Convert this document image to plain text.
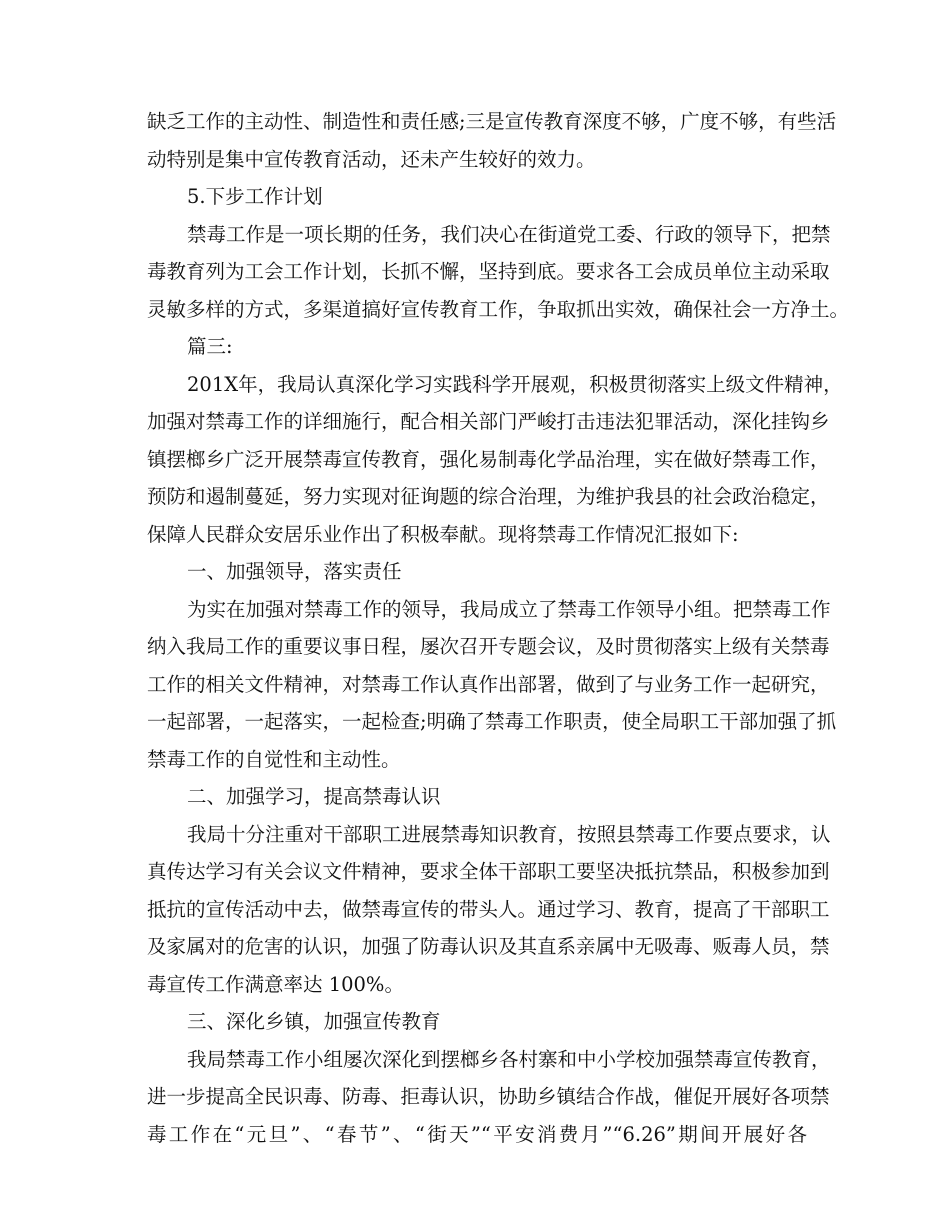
缺乏工作的主动性、制造性和责任感;三是宣传教育深度不够，广度不够，有些活
动特别是集中宣传教育活动，还未产生较好的效力。
5.下步工作计划
禁毒工作是一项长期的任务，我们决心在街道党工委、行政的领导下，把禁
毒教育列为工会工作计划，长抓不懈，坚持到底。要求各工会成员单位主动采取
灵敏多样的方式，多渠道搞好宣传教育工作，争取抓出实效，确保社会一方净土。
篇三:
201X年，我局认真深化学习实践科学开展观，积极贯彻落实上级文件精神，
加强对禁毒工作的详细施行，配合相关部门严峻打击违法犯罪活动，深化挂钩乡
镇摆榔乡广泛开展禁毒宣传教育，强化易制毒化学品治理，实在做好禁毒工作，
预防和遏制蔓延，努力实现对征询题的综合治理，为维护我县的社会政治稳定，
保障人民群众安居乐业作出了积极奉献。现将禁毒工作情况汇报如下:
一、加强领导，落实责任
为实在加强对禁毒工作的领导，我局成立了禁毒工作领导小组。把禁毒工作
纳入我局工作的重要议事日程，屡次召开专题会议，及时贯彻落实上级有关禁毒
工作的相关文件精神，对禁毒工作认真作出部署，做到了与业务工作一起研究，
一起部署，一起落实，一起检查;明确了禁毒工作职责，使全局职工干部加强了抓
禁毒工作的自觉性和主动性。
二、加强学习，提高禁毒认识
我局十分注重对干部职工进展禁毒知识教育，按照县禁毒工作要点要求，认
真传达学习有关会议文件精神，要求全体干部职工要坚决抵抗禁品，积极参加到
抵抗的宣传活动中去，做禁毒宣传的带头人。通过学习、教育，提高了干部职工
及家属对的危害的认识，加强了防毒认识及其直系亲属中无吸毒、贩毒人员，禁
毒宣传工作满意率达 100%。
三、深化乡镇，加强宣传教育
我局禁毒工作小组屡次深化到摆榔乡各村寨和中小学校加强禁毒宣传教育，
进一步提高全民识毒、防毒、拒毒认识，协助乡镇结合作战，催促开展好各项禁
毒工作在“元旦”、“春节”、“街天”“平安消费月”“6.26”期间开展好各
